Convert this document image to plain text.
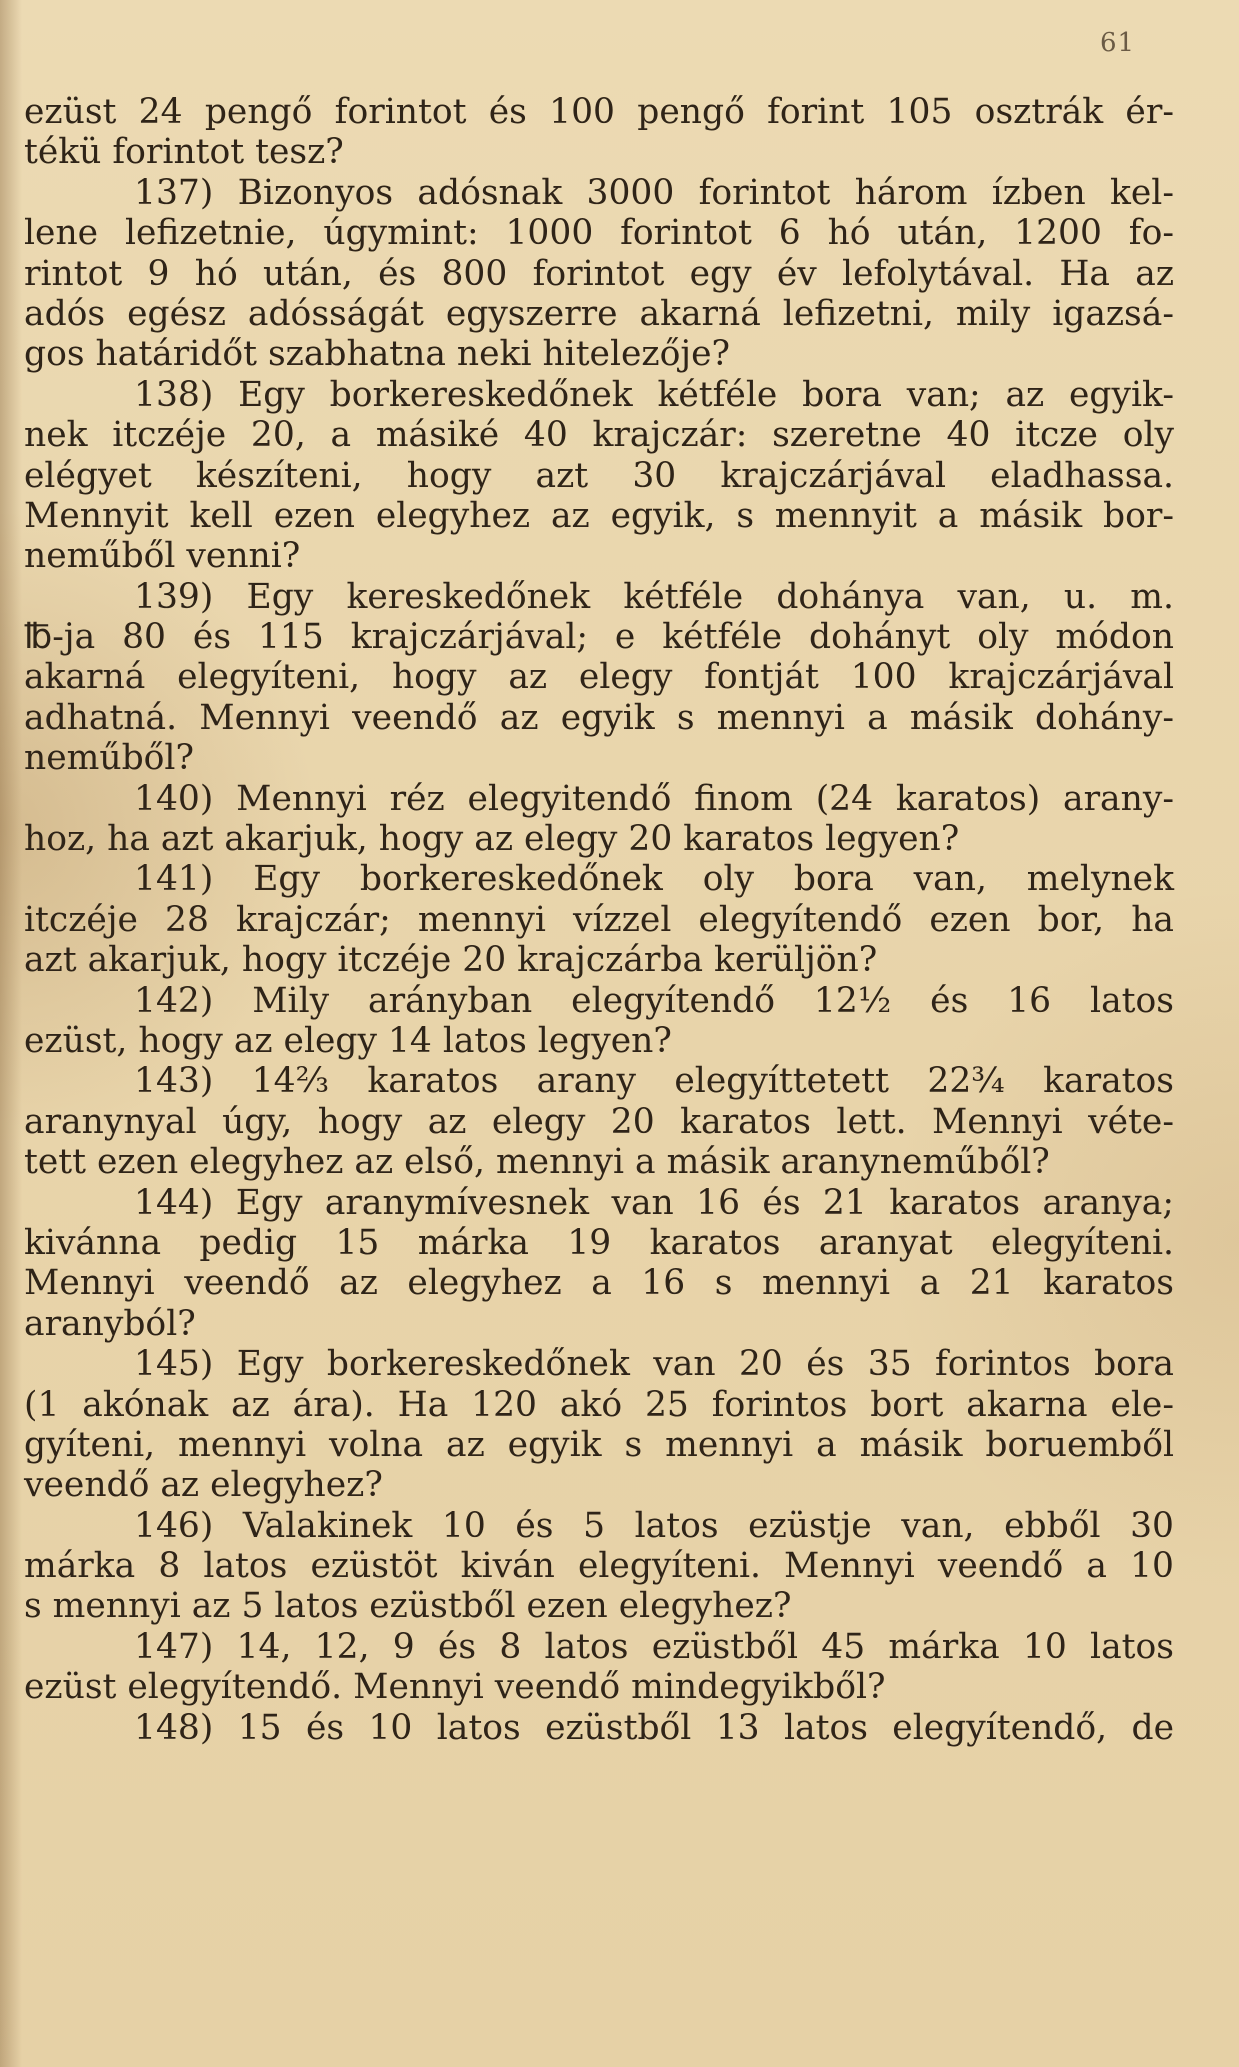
61
ezüst 24 pengő forintot és 100 pengő forint 105 osztrák ér-
tékü forintot tesz?
137) Bizonyos adósnak 3000 forintot három ízben kel-
lene lefizetnie, úgymint: 1000 forintot 6 hó után, 1200 fo-
rintot 9 hó után, és 800 forintot egy év lefolytával. Ha az
adós egész adósságát egyszerre akarná lefizetni, mily igazsá-
gos határidőt szabhatna neki hitelezője?
138) Egy borkereskedőnek kétféle bora van; az egyik-
nek itczéje 20, a másiké 40 krajczár: szeretne 40 itcze oly
elégyet készíteni, hogy azt 30 krajczárjával eladhassa.
Mennyit kell ezen elegyhez az egyik, s mennyit a másik bor-
neműből venni?
139) Egy kereskedőnek kétféle dohánya van, u. m.
℔-ja 80 és 115 krajczárjával; e kétféle dohányt oly módon
akarná elegyíteni, hogy az elegy fontját 100 krajczárjával
adhatná. Mennyi veendő az egyik s mennyi a másik dohány-
neműből?
140) Mennyi réz elegyitendő finom (24 karatos) arany-
hoz, ha azt akarjuk, hogy az elegy 20 karatos legyen?
141) Egy borkereskedőnek oly bora van, melynek
itczéje 28 krajczár; mennyi vízzel elegyítendő ezen bor, ha
azt akarjuk, hogy itczéje 20 krajczárba kerüljön?
142) Mily arányban elegyítendő 12½ és 16 latos
ezüst, hogy az elegy 14 latos legyen?
143) 14⅔ karatos arany elegyíttetett 22¾ karatos
aranynyal úgy, hogy az elegy 20 karatos lett. Mennyi véte-
tett ezen elegyhez az első, mennyi a másik aranyneműből?
144) Egy aranymívesnek van 16 és 21 karatos aranya;
kivánna pedig 15 márka 19 karatos aranyat elegyíteni.
Mennyi veendő az elegyhez a 16 s mennyi a 21 karatos
aranyból?
145) Egy borkereskedőnek van 20 és 35 forintos bora
(1 akónak az ára). Ha 120 akó 25 forintos bort akarna ele-
gyíteni, mennyi volna az egyik s mennyi a másik boruemből
veendő az elegyhez?
146) Valakinek 10 és 5 latos ezüstje van, ebből 30
márka 8 latos ezüstöt kiván elegyíteni. Mennyi veendő a 10
s mennyi az 5 latos ezüstből ezen elegyhez?
147) 14, 12, 9 és 8 latos ezüstből 45 márka 10 latos
ezüst elegyítendő. Mennyi veendő mindegyikből?
148) 15 és 10 latos ezüstből 13 latos elegyítendő, de
